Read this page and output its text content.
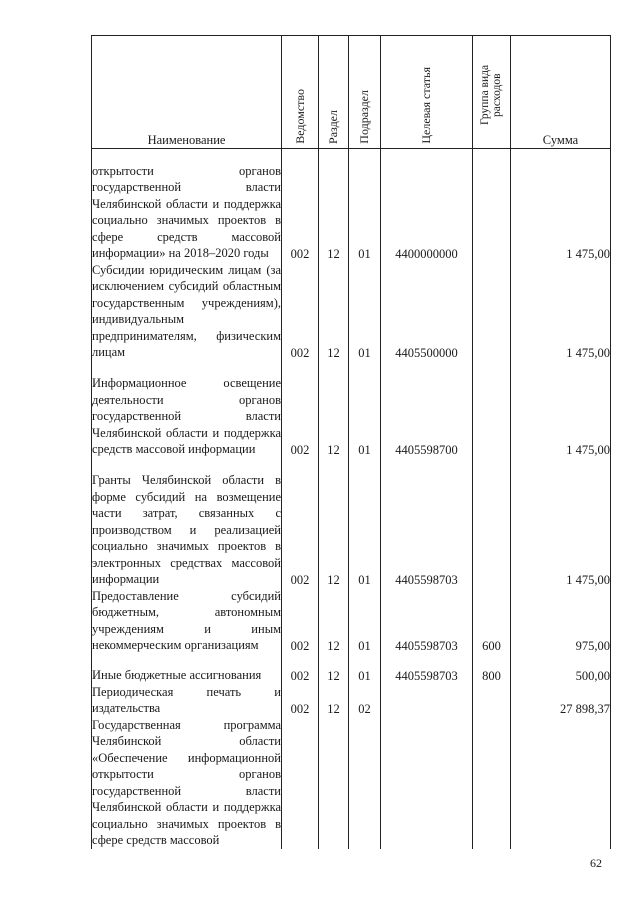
Наименование	Ведомство	Раздел	Подраздел	Целевая статья	Группа вида расходов	Сумма
открытости органов государственной власти Челябинской области и поддержка социально значимых проектов в сфере средств массовой информации» на 2018–2020 годы	002	12	01	4400000000		1 475,00
Субсидии юридическим лицам (за исключением субсидий областным государственным учреждениям), индивидуальным предпринимателям, физическим лицам	002	12	01	4405500000		1 475,00
Информационное освещение деятельности органов государственной власти Челябинской области и поддержка средств массовой информации	002	12	01	4405598700		1 475,00
Гранты Челябинской области в форме субсидий на возмещение части затрат, связанных с производством и реализацией социально значимых проектов в электронных средствах массовой информации	002	12	01	4405598703		1 475,00
Предоставление субсидий бюджетным, автономным учреждениям и иным некоммерческим организациям	002	12	01	4405598703	600	975,00
Иные бюджетные ассигнования	002	12	01	4405598703	800	500,00
Периодическая печать и издательства	002	12	02			27 898,37
Государственная программа Челябинской области «Обеспечение информационной открытости органов государственной власти Челябинской области и поддержка социально значимых проектов в сфере средств массовой						
62
